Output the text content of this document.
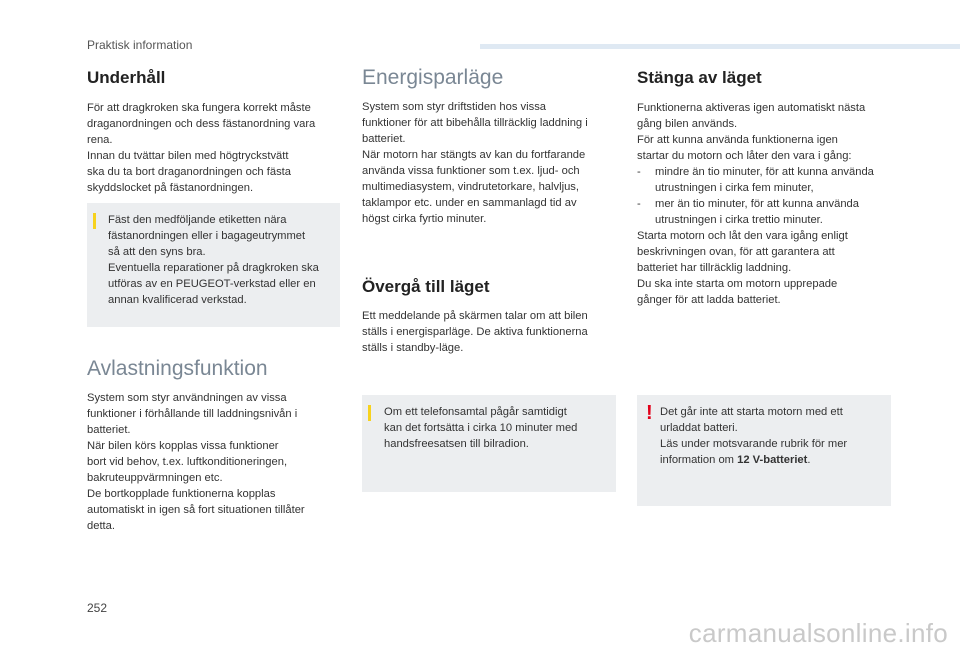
Praktisk information
Underhåll

För att dragkroken ska fungera korrekt måste
draganordningen och dess fästanordning vara
rena.
Innan du tvättar bilen med högtryckstvätt
ska du ta bort draganordningen och fästa
skyddslocket på fästanordningen.

Fäst den medföljande etiketten nära
fästanordningen eller i bagageutrymmet
så att den syns bra.
Eventuella reparationer på dragkroken ska
utföras av en PEUGEOT-verkstad eller en
annan kvalificerad verkstad.
Avlastningsfunktion

System som styr användningen av vissa
funktioner i förhållande till laddningsnivån i
batteriet.
När bilen körs kopplas vissa funktioner
bort vid behov, t.ex. luftkonditioneringen,
bakruteuppvärmningen etc.
De bortkopplade funktionerna kopplas
automatiskt in igen så fort situationen tillåter
detta.

Energisparläge

System som styr driftstiden hos vissa
funktioner för att bibehålla tillräcklig laddning i
batteriet.
När motorn har stängts av kan du fortfarande
använda vissa funktioner som t.ex. ljud- och
multimediasystem, vindrutetorkare, halvljus,
taklampor etc. under en sammanlagd tid av
högst cirka fyrtio minuter.

Övergå till läget

Ett meddelande på skärmen talar om att bilen
ställs i energisparläge. De aktiva funktionerna
ställs i standby-läge.

Om ett telefonsamtal pågår samtidigt
kan det fortsätta i cirka 10 minuter med
handsfreesatsen till bilradion.
Stänga av läget

Funktionerna aktiveras igen automatiskt nästa
gång bilen används.
För att kunna använda funktionerna igen
startar du motorn och låter den vara i gång:

- mindre än tio minuter, för att kunna använda
utrustningen i cirka fem minuter,
- mer än tio minuter, för att kunna använda
utrustningen i cirka trettio minuter.

Starta motorn och låt den vara igång enligt
beskrivningen ovan, för att garantera att
batteriet har tillräcklig laddning.
Du ska inte starta om motorn upprepade
gånger för att ladda batteriet.

! Det går inte att starta motorn med ett
urladdat batteri.
Läs under motsvarande rubrik för mer
information om 12 V-batteriet.
252
carmanualsonline.info
